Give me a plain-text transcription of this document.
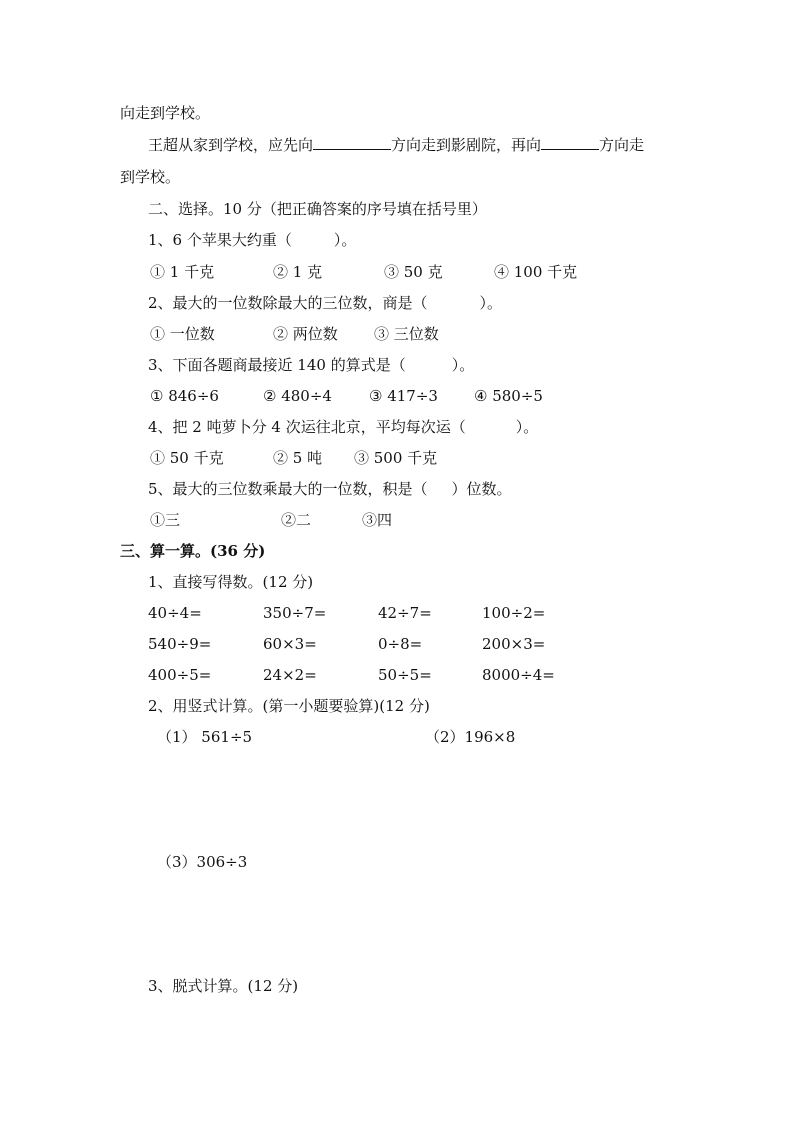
向走到学校。
王超从家到学校，应先向	方向走到影剧院，再向	方向走
到学校。
二、选择。10 分（把正确答案的序号填在括号里）
1、6 个苹果大约重（	）。
① 1 千克	② 1 克	③ 50 克	④ 100 千克
2、最大的一位数除最大的三位数，商是（	）。
① 一位数	② 两位数 ③ 三位数
3、下面各题商最接近 140 的算式是（	）。
① 846÷6	② 480÷4 ③ 417÷3 ④ 580÷5
4、把 2 吨萝卜分 4 次运往北京，平均每次运（	）。
① 50 千克	② 5 吨 ③ 500 千克
5、最大的三位数乘最大的一位数，积是（ ）位数。
①三	②二	③四
三、算一算。(36 分)
1、直接写得数。(12 分)
40÷4=	350÷7=	42÷7=	100÷2=
540÷9=	60×3=	0÷8=	200×3=
400÷5=	24×2=	50÷5=	8000÷4=
2、用竖式计算。(第一小题要验算)(12 分)
（1） 561÷5	（2）196×8
（3）306÷3
3、脱式计算。(12 分)
